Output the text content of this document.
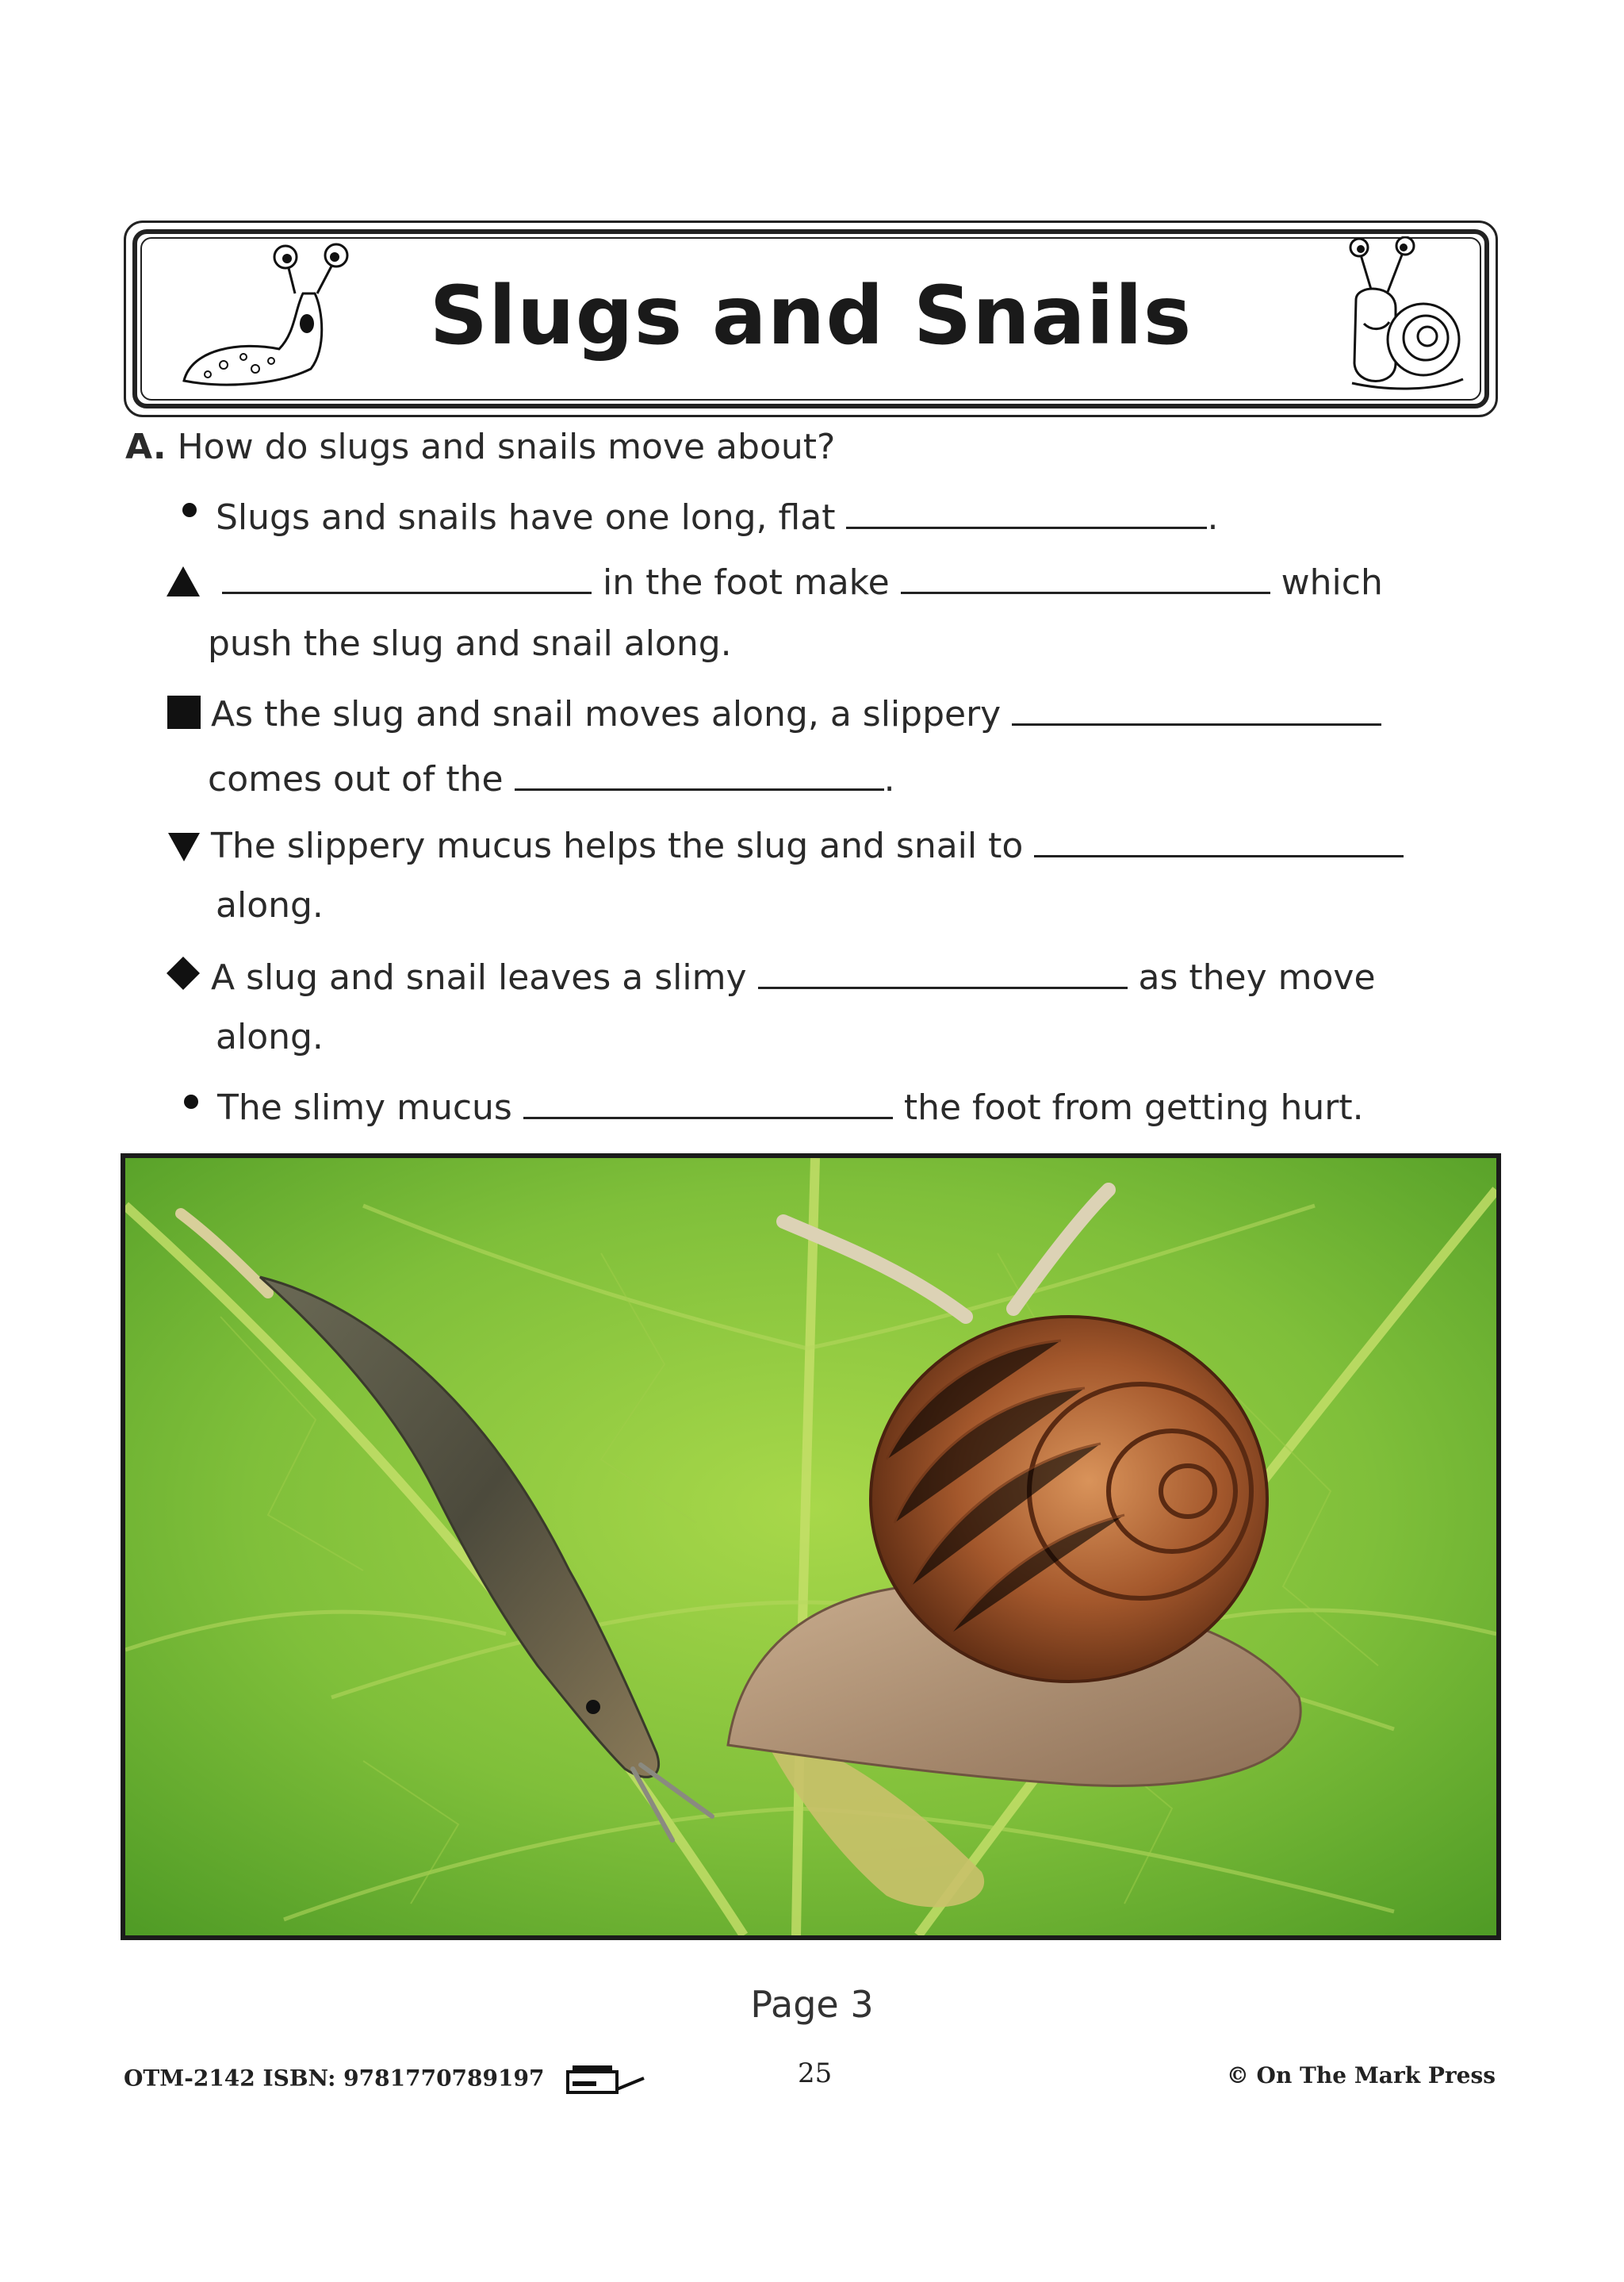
Slugs and Snails
A. How do slugs and snails move about?
Slugs and snails have one long, flat	.
in the foot make	which
push the slug and snail along.
As the slug and snail moves along, a slippery
comes out of the	.
The slippery mucus helps the slug and snail to
along.
A slug and snail leaves a slimy	as they move
along.
The slimy mucus	the foot from getting hurt.
Page 3
OTM-2142 ISBN: 9781770789197	25	© On The Mark Press
